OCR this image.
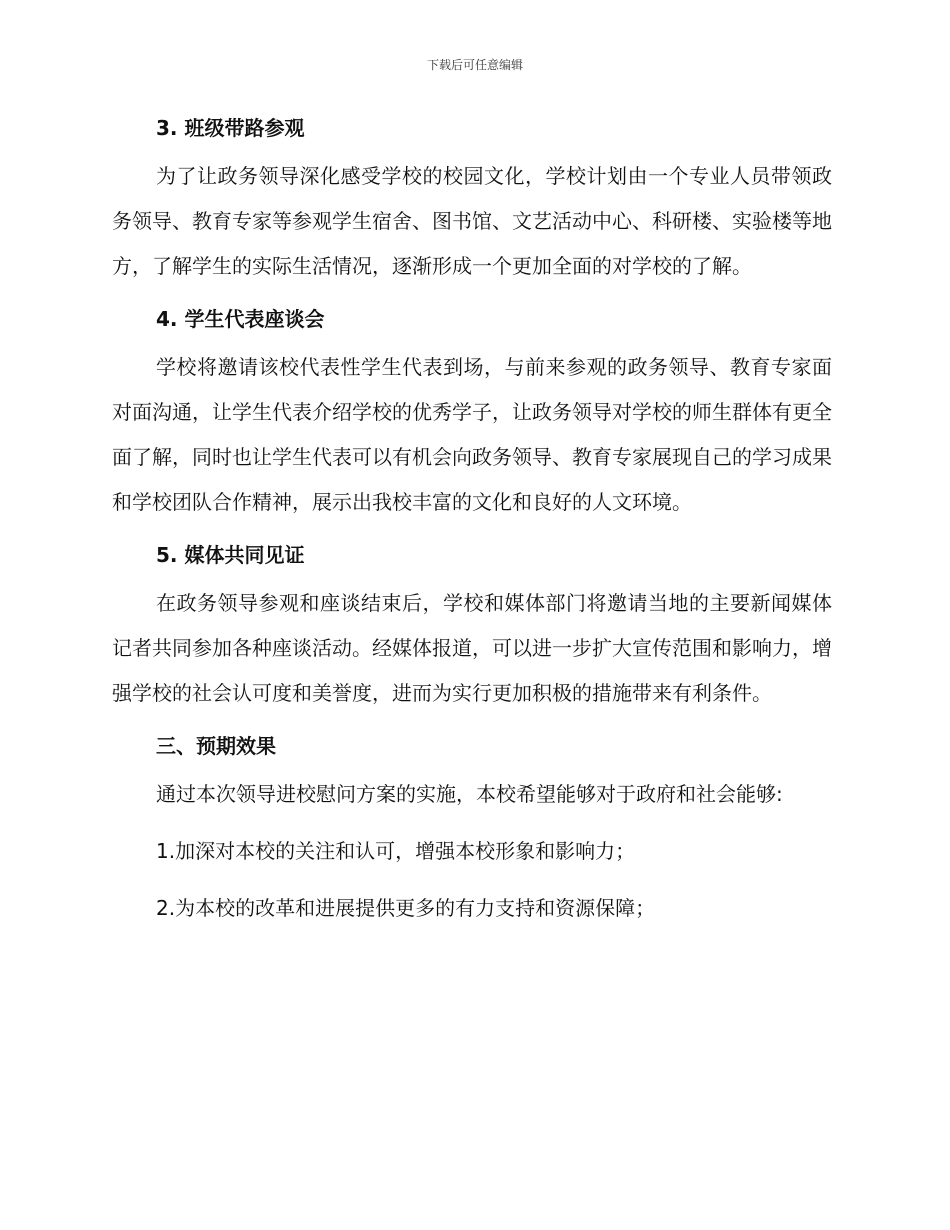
下载后可任意编辑
3. 班级带路参观

为了让政务领导深化感受学校的校园文化，学校计划由一个专业人员带领政务领导、教育专家等参观学生宿舍、图书馆、文艺活动中心、科研楼、实验楼等地方，了解学生的实际生活情况，逐渐形成一个更加全面的对学校的了解。

4. 学生代表座谈会

学校将邀请该校代表性学生代表到场，与前来参观的政务领导、教育专家面对面沟通，让学生代表介绍学校的优秀学子，让政务领导对学校的师生群体有更全面了解，同时也让学生代表可以有机会向政务领导、教育专家展现自己的学习成果和学校团队合作精神，展示出我校丰富的文化和良好的人文环境。

5. 媒体共同见证

在政务领导参观和座谈结束后，学校和媒体部门将邀请当地的主要新闻媒体记者共同参加各种座谈活动。经媒体报道，可以进一步扩大宣传范围和影响力，增强学校的社会认可度和美誉度，进而为实行更加积极的措施带来有利条件。

三、预期效果

通过本次领导进校慰问方案的实施，本校希望能够对于政府和社会能够:

1.加深对本校的关注和认可，增强本校形象和影响力；

2.为本校的改革和进展提供更多的有力支持和资源保障；
